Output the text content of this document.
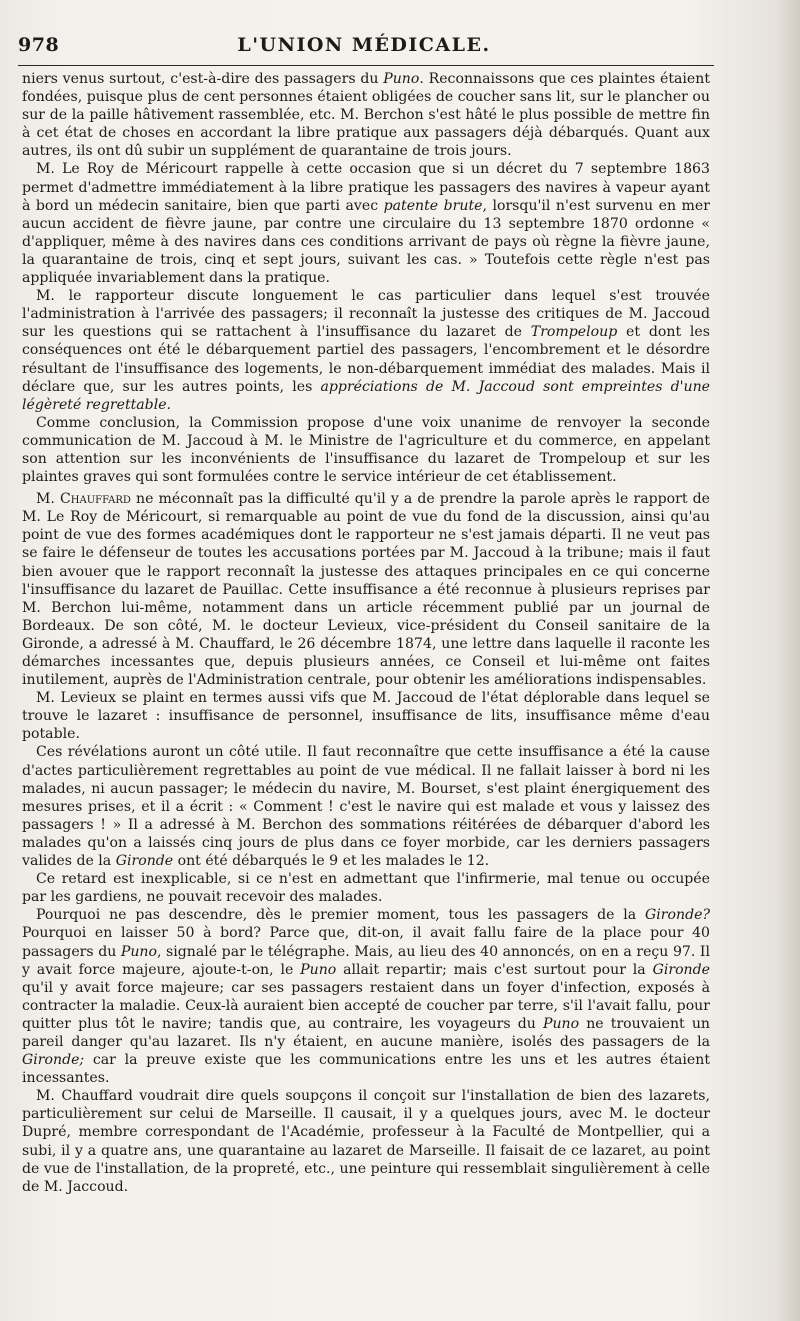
978	L'UNION MÉDICALE.

niers venus surtout, c'est-à-dire des passagers du Puno. Reconnaissons que ces plaintes étaient fondées, puisque plus de cent personnes étaient obligées de coucher sans lit, sur le plancher ou sur de la paille hâtivement rassemblée, etc. M. Berchon s'est hâté le plus possible de mettre fin à cet état de choses en accordant la libre pratique aux passagers déjà débarqués. Quant aux autres, ils ont dû subir un supplément de quarantaine de trois jours.

M. Le Roy de Méricourt rappelle à cette occasion que si un décret du 7 septembre 1863 permet d'admettre immédiatement à la libre pratique les passagers des navires à vapeur ayant à bord un médecin sanitaire, bien que parti avec patente brute, lorsqu'il n'est survenu en mer aucun accident de fièvre jaune, par contre une circulaire du 13 septembre 1870 ordonne « d'appliquer, même à des navires dans ces conditions arrivant de pays où règne la fièvre jaune, la quarantaine de trois, cinq et sept jours, suivant les cas. » Toutefois cette règle n'est pas appliquée invariablement dans la pratique.

M. le rapporteur discute longuement le cas particulier dans lequel s'est trouvée l'administration à l'arrivée des passagers; il reconnaît la justesse des critiques de M. Jaccoud sur les questions qui se rattachent à l'insuffisance du lazaret de Trompeloup et dont les conséquences ont été le débarquement partiel des passagers, l'encombrement et le désordre résultant de l'insuffisance des logements, le non-débarquement immédiat des malades. Mais il déclare que, sur les autres points, les appréciations de M. Jaccoud sont empreintes d'une légèreté regrettable.

Comme conclusion, la Commission propose d'une voix unanime de renvoyer la seconde communication de M. Jaccoud à M. le Ministre de l'agriculture et du commerce, en appelant son attention sur les inconvénients de l'insuffisance du lazaret de Trompeloup et sur les plaintes graves qui sont formulées contre le service intérieur de cet établissement.

M. Chauffard ne méconnaît pas la difficulté qu'il y a de prendre la parole après le rapport de M. Le Roy de Méricourt, si remarquable au point de vue du fond de la discussion, ainsi qu'au point de vue des formes académiques dont le rapporteur ne s'est jamais départi. Il ne veut pas se faire le défenseur de toutes les accusations portées par M. Jaccoud à la tribune; mais il faut bien avouer que le rapport reconnaît la justesse des attaques principales en ce qui concerne l'insuffisance du lazaret de Pauillac. Cette insuffisance a été reconnue à plusieurs reprises par M. Berchon lui-même, notamment dans un article récemment publié par un journal de Bordeaux. De son côté, M. le docteur Levieux, vice-président du Conseil sanitaire de la Gironde, a adressé à M. Chauffard, le 26 décembre 1874, une lettre dans laquelle il raconte les démarches incessantes que, depuis plusieurs années, ce Conseil et lui-même ont faites inutilement, auprès de l'Administration centrale, pour obtenir les améliorations indispensables.

M. Levieux se plaint en termes aussi vifs que M. Jaccoud de l'état déplorable dans lequel se trouve le lazaret : insuffisance de personnel, insuffisance de lits, insuffisance même d'eau potable.

Ces révélations auront un côté utile. Il faut reconnaître que cette insuffisance a été la cause d'actes particulièrement regrettables au point de vue médical. Il ne fallait laisser à bord ni les malades, ni aucun passager; le médecin du navire, M. Bourset, s'est plaint énergiquement des mesures prises, et il a écrit : « Comment ! c'est le navire qui est malade et vous y laissez des passagers ! » Il a adressé à M. Berchon des sommations réitérées de débarquer d'abord les malades qu'on a laissés cinq jours de plus dans ce foyer morbide, car les derniers passagers valides de la Gironde ont été débarqués le 9 et les malades le 12.

Ce retard est inexplicable, si ce n'est en admettant que l'infirmerie, mal tenue ou occupée par les gardiens, ne pouvait recevoir des malades.

Pourquoi ne pas descendre, dès le premier moment, tous les passagers de la Gironde? Pourquoi en laisser 50 à bord? Parce que, dit-on, il avait fallu faire de la place pour 40 passagers du Puno, signalé par le télégraphe. Mais, au lieu des 40 annoncés, on en a reçu 97. Il y avait force majeure, ajoute-t-on, le Puno allait repartir; mais c'est surtout pour la Gironde qu'il y avait force majeure; car ses passagers restaient dans un foyer d'infection, exposés à contracter la maladie. Ceux-là auraient bien accepté de coucher par terre, s'il l'avait fallu, pour quitter plus tôt le navire; tandis que, au contraire, les voyageurs du Puno ne trouvaient un pareil danger qu'au lazaret. Ils n'y étaient, en aucune manière, isolés des passagers de la Gironde; car la preuve existe que les communications entre les uns et les autres étaient incessantes.

M. Chauffard voudrait dire quels soupçons il conçoit sur l'installation de bien des lazarets, particulièrement sur celui de Marseille. Il causait, il y a quelques jours, avec M. le docteur Dupré, membre correspondant de l'Académie, professeur à la Faculté de Montpellier, qui a subi, il y a quatre ans, une quarantaine au lazaret de Marseille. Il faisait de ce lazaret, au point de vue de l'installation, de la propreté, etc., une peinture qui ressemblait singulièrement à celle de M. Jaccoud.
